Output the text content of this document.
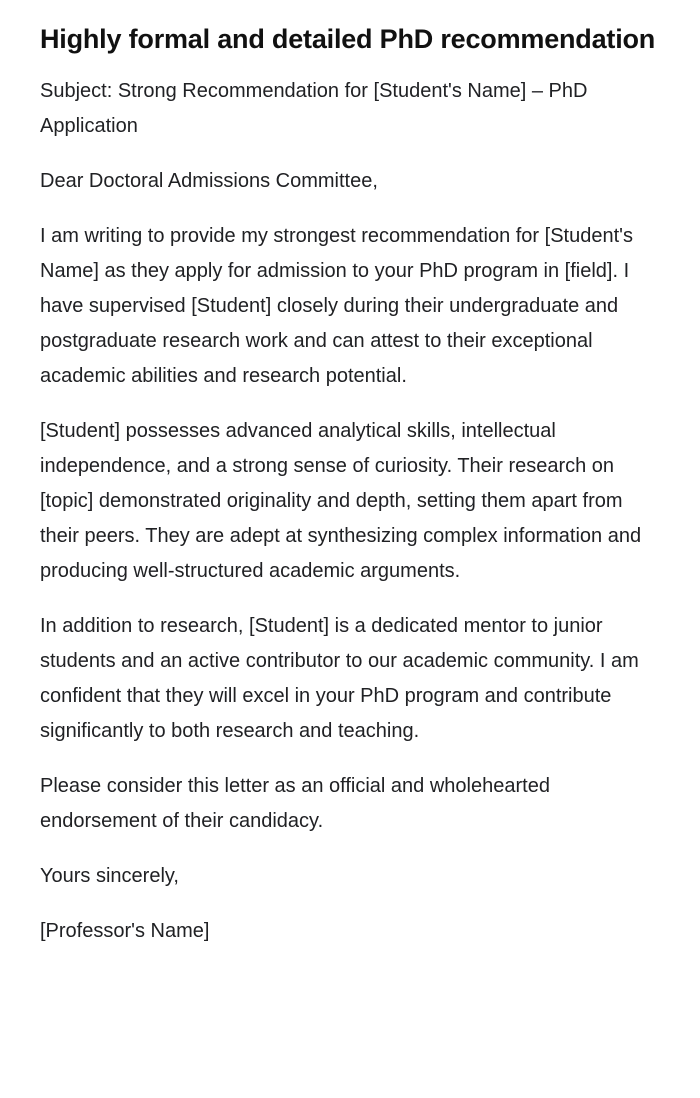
Highly formal and detailed PhD recommendation

Subject: Strong Recommendation for [Student's Name] – PhD Application

Dear Doctoral Admissions Committee,

I am writing to provide my strongest recommendation for [Student's Name] as they apply for admission to your PhD program in [field]. I have supervised [Student] closely during their undergraduate and postgraduate research work and can attest to their exceptional academic abilities and research potential.

[Student] possesses advanced analytical skills, intellectual independence, and a strong sense of curiosity. Their research on [topic] demonstrated originality and depth, setting them apart from their peers. They are adept at synthesizing complex information and producing well-structured academic arguments.

In addition to research, [Student] is a dedicated mentor to junior students and an active contributor to our academic community. I am confident that they will excel in your PhD program and contribute significantly to both research and teaching.

Please consider this letter as an official and wholehearted endorsement of their candidacy.

Yours sincerely,

[Professor's Name]
